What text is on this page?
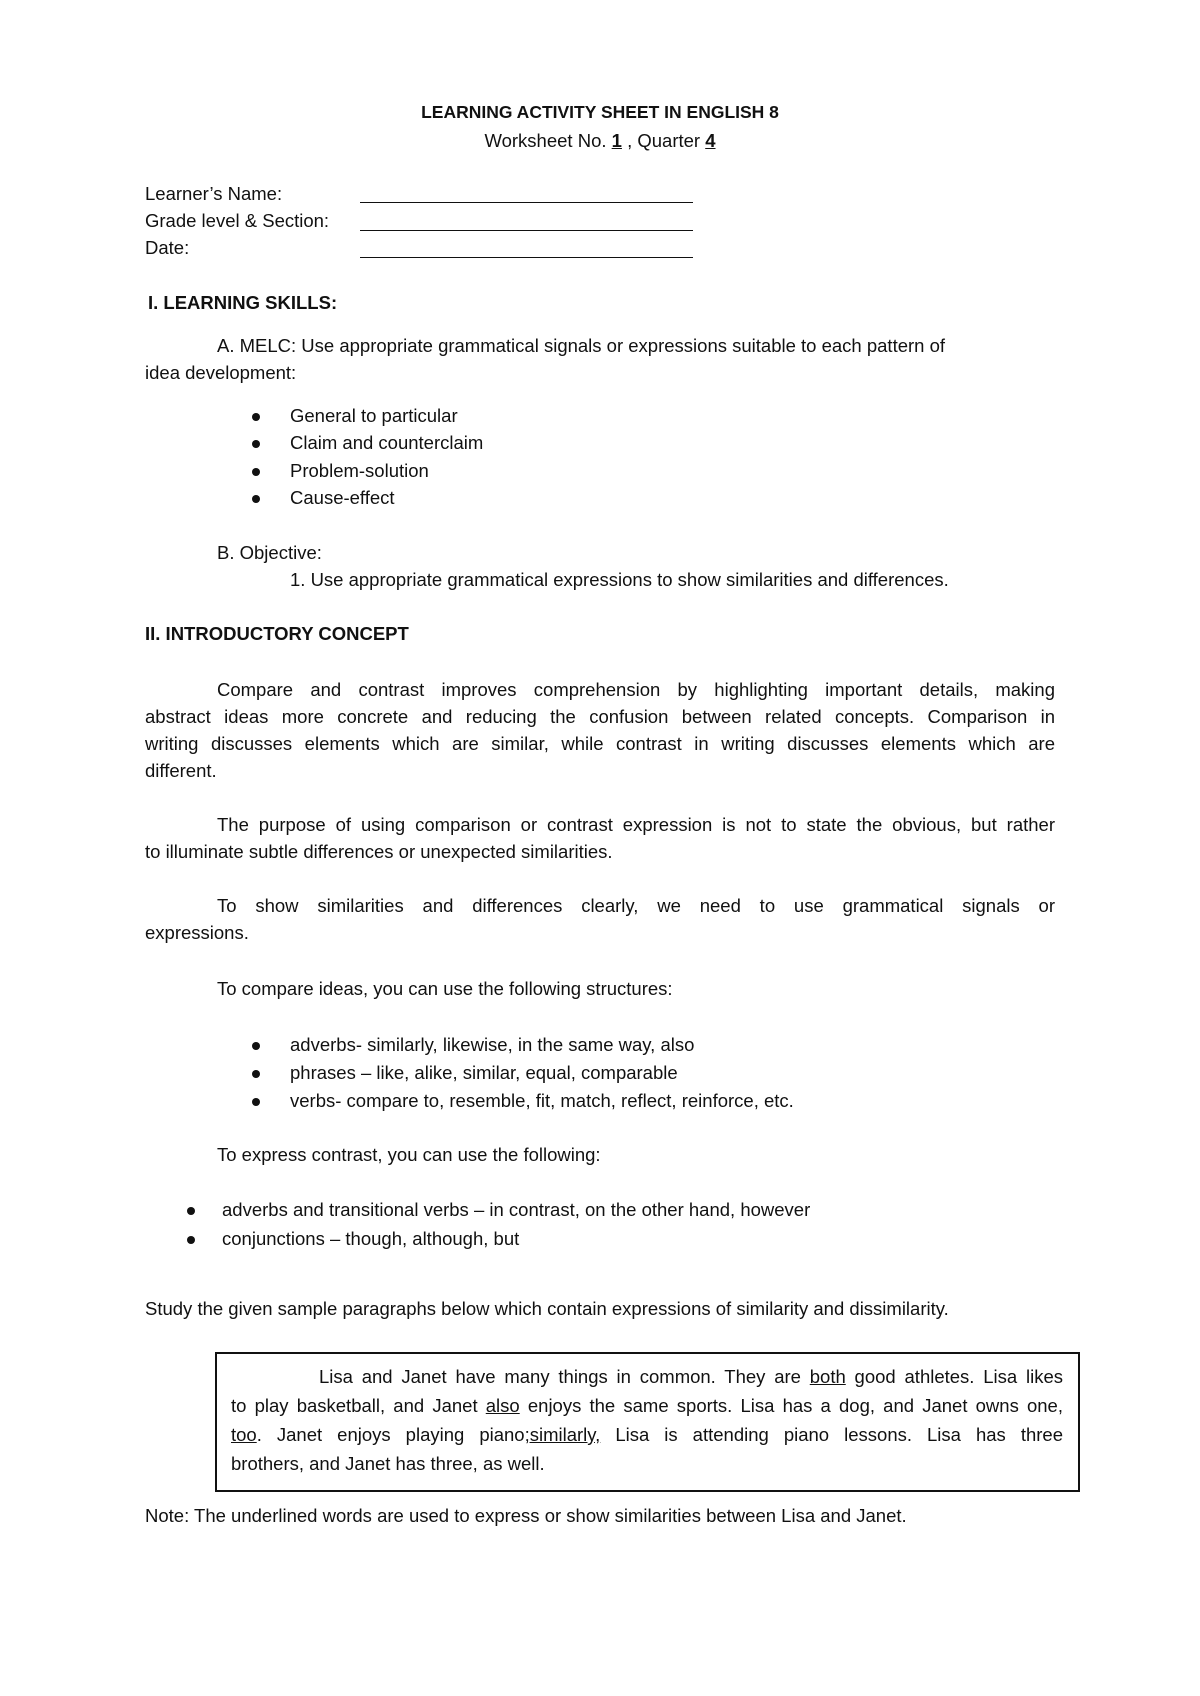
LEARNING ACTIVITY SHEET IN ENGLISH 8
Worksheet No. 1 , Quarter 4
Learner’s Name:
Grade level & Section:
Date:
I. LEARNING SKILLS:
A. MELC: Use appropriate grammatical signals or expressions suitable to each pattern of
idea development:
General to particular
Claim and counterclaim
Problem-solution
Cause-effect
B. Objective:
1. Use appropriate grammatical expressions to show similarities and differences.
II. INTRODUCTORY CONCEPT
Compare and contrast improves comprehension by highlighting important details, making
abstract ideas more concrete and reducing the confusion between related concepts. Comparison in
writing discusses elements which are similar, while contrast in writing discusses elements which are
different.
The purpose of using comparison or contrast expression is not to state the obvious, but rather
to illuminate subtle differences or unexpected similarities.
To show similarities and differences clearly, we need to use grammatical signals or
expressions.
To compare ideas, you can use the following structures:
adverbs- similarly, likewise, in the same way, also
phrases – like, alike, similar, equal, comparable
verbs- compare to, resemble, fit, match, reflect, reinforce, etc.
To express contrast, you can use the following:
adverbs and transitional verbs – in contrast, on the other hand, however
conjunctions – though, although, but
Study the given sample paragraphs below which contain expressions of similarity and dissimilarity.
Lisa and Janet have many things in common. They are both good athletes. Lisa likes
to play basketball, and Janet also enjoys the same sports. Lisa has a dog, and Janet owns one,
too. Janet enjoys playing piano;similarly, Lisa is attending piano lessons. Lisa has three
brothers, and Janet has three, as well.
Note: The underlined words are used to express or show similarities between Lisa and Janet.
